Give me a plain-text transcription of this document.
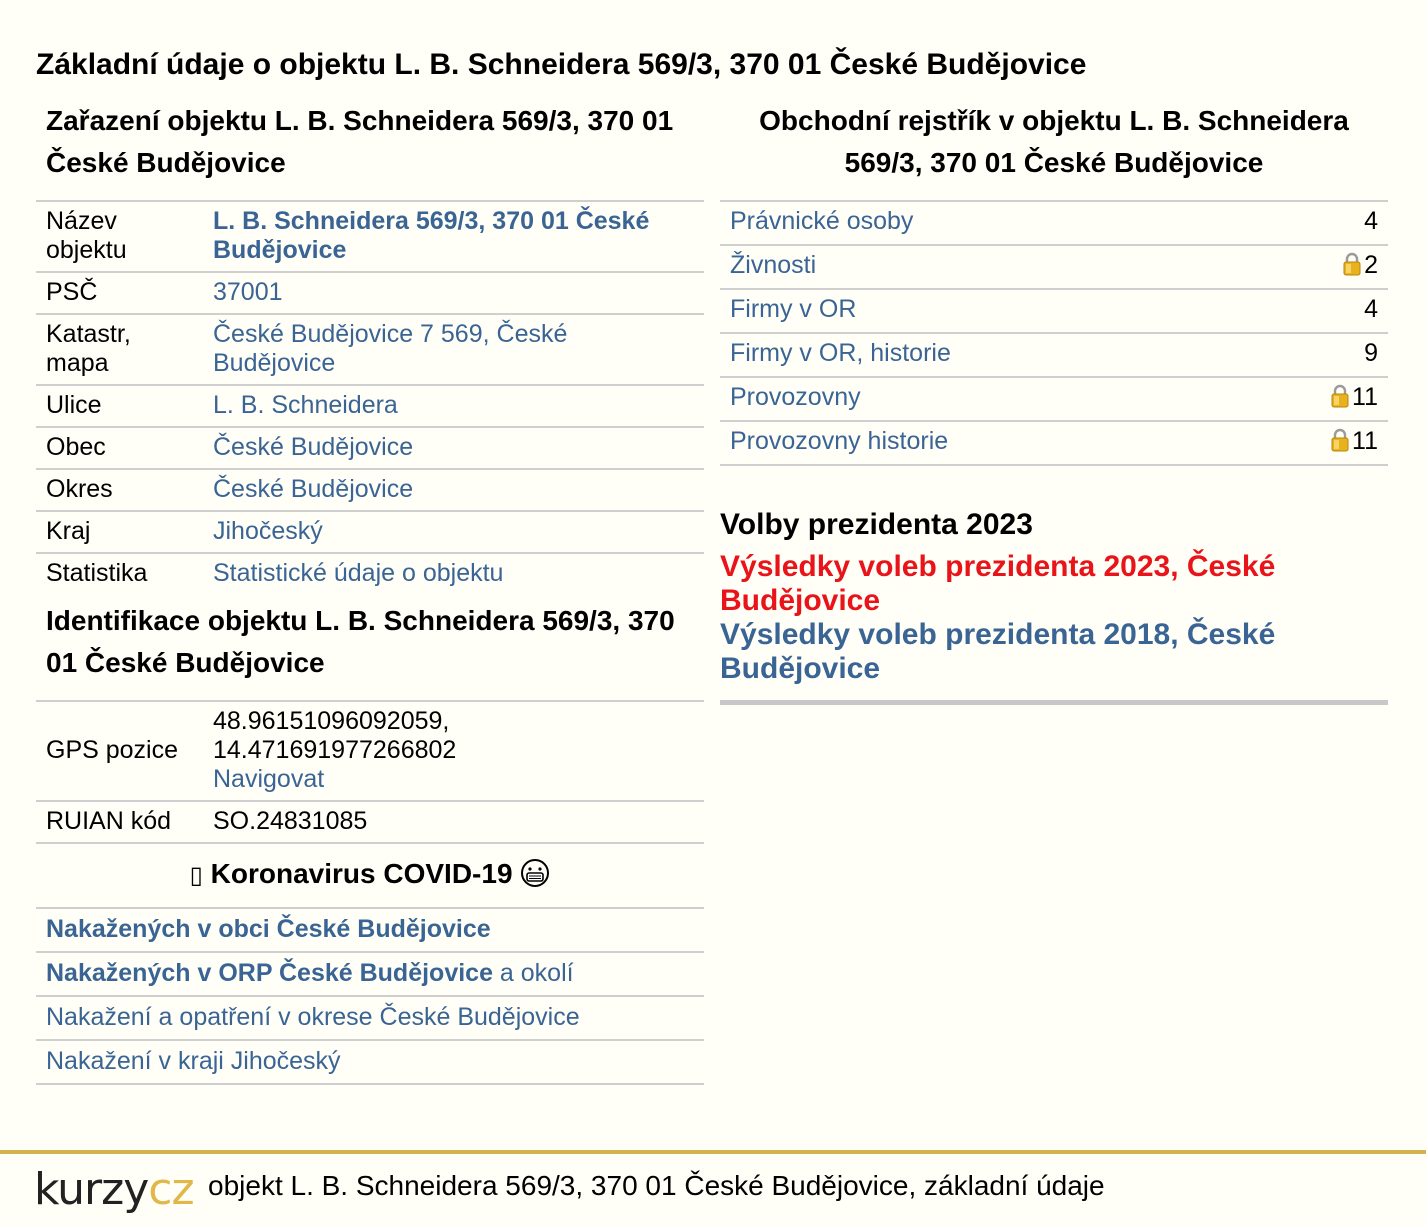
Základní údaje o objektu L. B. Schneidera 569/3, 370 01 České Budějovice
Zařazení objektu L. B. Schneidera 569/3, 370 01 České Budějovice
Název objektu	L. B. Schneidera 569/3, 370 01 České Budějovice
PSČ	37001
Katastr, mapa	České Budějovice 7 569, České Budějovice
Ulice	L. B. Schneidera
Obec	České Budějovice
Okres	České Budějovice
Kraj	Jihočeský
Statistika	Statistické údaje o objektu
Identifikace objektu L. B. Schneidera 569/3, 370 01 České Budějovice
GPS pozice	48.96151096092059,
14.471691977266802
Navigovat
RUIAN kód	SO.24831085
▯ Koronavirus COVID-19
Nakažených v obci České Budějovice
Nakažených v ORP České Budějovice a okolí
Nakažení a opatření v okrese České Budějovice
Nakažení v kraji Jihočeský
Obchodní rejstřík v objektu L. B. Schneidera 569/3, 370 01 České Budějovice
Právnické osoby	4
Živnosti	2
Firmy v OR	4
Firmy v OR, historie	9
Provozovny	11
Provozovny historie	11
Volby prezidenta 2023
Výsledky voleb prezidenta 2023, České Budějovice
Výsledky voleb prezidenta 2018, České Budějovice
kurzycz objekt L. B. Schneidera 569/3, 370 01 České Budějovice, základní údaje
